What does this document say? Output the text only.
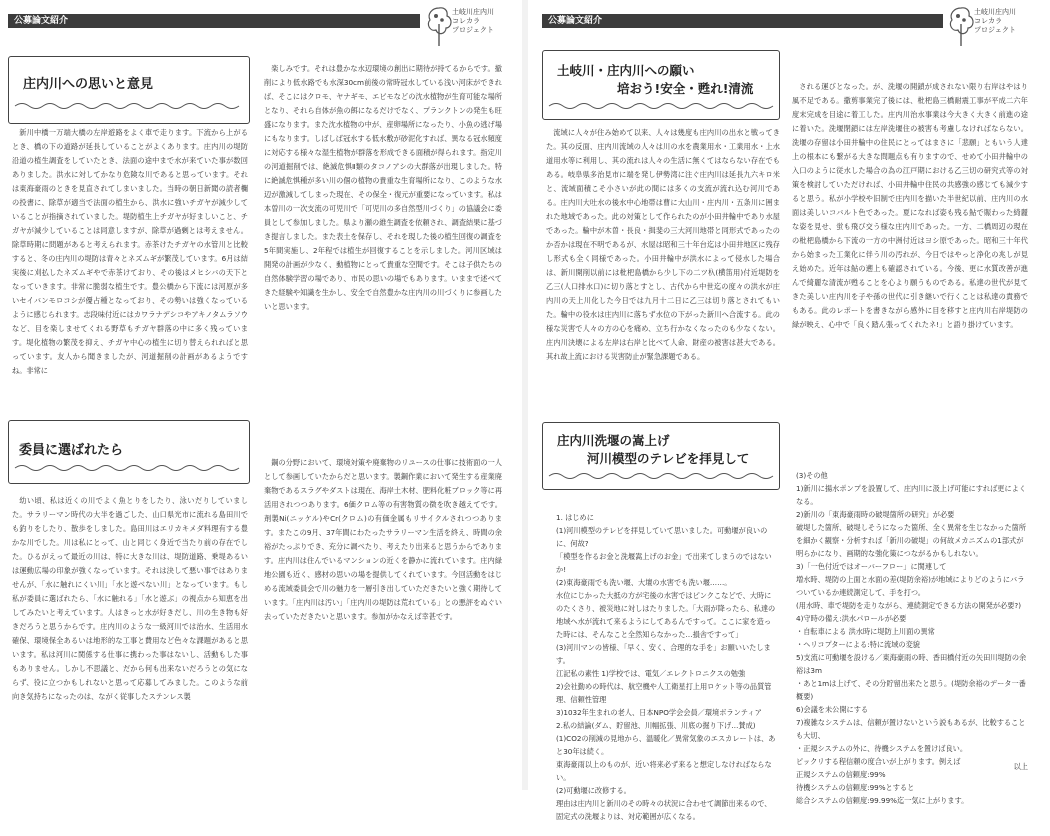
公募論文紹介
土岐川庄内川
コレカラ
プロジェクト
庄内川への思いと意見

新川中橋一万端大橋の左岸遊路をよく車で走ります。下流から上がるとき、橋の下の道路が延長していることがよくあります。庄内川の堤防沿道の植生調査をしていたとき、法面の途中まで水が来ていた事が数回ありました。洪水に対してかなり危険な川であると思っています。それは東海豪雨のときを見直されてしまいました。当時の朝日新聞の読者欄の投書に、除草が適当で法面の植生から、洪水に強いチガヤが減少していることが指摘されていました。堤防植生上チガヤが好ましいこと、チガヤが減少していることは同意しますが、除草が過剰とは考えません。除草時期に問題があると考えられます。赤茶けたチガヤの水管川と比較すると、冬の庄内川の堤防は青々とネズムギが繁茂しています。6月は結実後に刈払したネズムギやで赤茶けており、その後はメヒシバの天下となっていきます。非常に脆弱な植生です。豊公橋から下流には河原が多いセイバンモロコシが優占種となっており、その勢いは強くなっているように感じられます。志段味付近にはカワラナデシコやアキノタムラソウなど、目を楽しませてくれる野草もチガヤ群落の中に多く残っています。堤化植物の繁茂を抑え、チガヤ中心の植生に切り替えられればと思っています。友人から聞きましたが、河道掘削の計画があるようですね。非常に

楽しみです。それは豊かな水辺環境の創出に期待が持てるからです。撤削により低水路でも水深30cm前後の常時冠水している浅い河床ができれば、そこにはクロモ、ヤナギモ、エビモなどの沈水植物が生育可能な場所となり、それら自体が魚の餌になるだけでなく、プランクトンの発生も旺盛になります。また沈水植物の中が、産卵場所になったり、小魚の逃げ場にもなります。しばしば冠水する低水敷が砂泥化すれば、異なる冠水頻度に対応する様々な湿生植物が群落を形成できる面積が得られます。指定川の河道掘削では、絶滅危惧Ⅱ類のタコノアシの大群落が出現しました。特に絶滅危惧種が多い川の個の植物の貴重な生育場所になり、このような水辺が激減してしまった現在、その保全・復元が重要になっています。私は本曽川の一次支流の可児川で「可児川の多自然型川づくり」の協議会に委員として参加しました。県より瀬の維生調査を依頼され、調査結果に基づき提言しました。また表土を保存し、それを現した後の植生回復の調査を5年間実施し、2年程では植生が回復することを示しました。河川区域は開発の計画が少なく、動植物にとって貴重な空間です。そこは子供たちの自然体験学習の場であり、市民の思いの場でもあります。いままで述べてきた経験や知識を生かし、安全で自然豊かな庄内川の川づくりに参画したいと思います。

委員に選ばれたら

幼い頃、私は近くの川でよく魚とりをしたり、泳いだりしていました。サラリーマン時代の大半を過ごした、山口県光市に流れる島田川でも釣りをしたり、散歩をしました。島田川はエリカキメダ料理有する豊かな川でした。川は私にとって、山と同じく身近で当たり前の存在でした。ひるがえって最近の川は、特に大きな川は、堤防道路、乗堤あるいは運動広場の印象が強くなっています。それは決して悪い事ではありませんが、「水に触れにくい川」「水と遊べない川」となっています。もし私が委員に選ばれたら、「水に触れる」「水と遊ぶ」の視点から知恵を出してみたいと考えています。人はきっと水が好きだし、川の生き物も好きだろうと思うからです。庄内川のような一級河川では治水、生活用水確保、環境保全あるいは地形的な工事と費用など色々な課題があると思います。私は河川に関係する仕事に携わった事はないし、活動もした事もありません。しかし不思議と、だから何も出来ないだろうとの気にならず、役に立つかもしれないと思って応募してみました。このような前向き気持ちになったのは、ながく従事したステンレス製

鋼の分野において、環境対策や廃棄物のリユースの仕事に技術面の一人として参画していたからだと思います。製鋼作業において発生する産業廃棄物であるスラグやダストは現在、海岸土木材、肥料化粧ブロック等に再活用されつつあります。6価クロム等の有害物質の徴を吹き越えてです。剤製Ni(ニッケル)やCr(クロム)の有価金属もリサイクルされつつあります。またこの9月、37年間にわたったサラリーマン生活を終え、時間の余裕がたっぷりでき、充分に調べたり、考えたり出来ると思うからであります。庄内川は住んでいるマンションの近くを静かに流れています。庄内緑地公園も近く、感材の思いの場を提供してくれています。今回活動をはじめる流域委員会で川の魅力を一層引き出していただきたいと強く期待しています。「庄内川は汚い」「庄内川の堤防は荒れている」との悪評をぬぐい去っていただきたいと思います。参加がかなえば幸甚です。

公募論文紹介
土岐川庄内川
コレカラ
プロジェクト
土岐川・庄内川への願い
培おう!安全・甦れ!清流

流域に人々が住み始めて以来、人々は幾度も庄内川の出水と戦ってきた。其の反面、庄内川流域の人々は川の水を農業用水・工業用水・上水道用水等に利用し、其の流れは人々の生活に無くてはならない存在でもある。岐阜県多治見市に端を発し伊勢湾に注ぐ庄内川は延長九六キロ米と、流域面積こそ小さいが此の間には多くの支流が流れ込む河川である。庄内川大吐水の後水中心地帯は曹に大山川・庄内川・五条川に囲まれた地域であった。此の対策として作られたのが小田井輪中であり水屋であった。輪中が木曽・長良・揖斐の三大河川地帯と同形式であったのか否かは現在不明であるが、水屋は昭和三十年台迄は小田井地区に残存し形式も全く同様であった。小田井輪中が洪水によって侵水した場合は、新川開削以前には枇杷島橋から少し下の二ツ杁(横笛用)付近堤防を乙三(人口排水口)に切り落とすとし、古代から中世迄の度々の洪水が庄内川の天上川化した今日では九月十二日に乙三は切り落とされてもいた。輪中の役水は庄内川に落ちず水位の下がった新川へ合流する。此の様な災害で人々の方の心を痛め、立ち行かなくなったのも少なくない。庄内川決壊による左岸は右岸と比べて人命、財産の被害は甚大である。其れ故上流における災害防止が緊急課題である。

される運びとなった。が、洗堰の開鎖が成されない限り右岸はやはり風不足である。撒剪事業完了後には、枇杷島三橋耐震工事が平成二六年度末完成を目途に着工した。庄内川治水事業は今大きく大きく前進の途に着いた。洗堰閉鎖には左岸洗堰住の被害も考慮しなければならない。洗堰の存留は小田井輪中の住民にとってはまさに「悲願」ともいう人達上の根本にも繋がる大きな問題点も有りますので、せめて小田井輪中の入口のように従水した場合の為の江戸期における乙三切の研究式等の対策を検討していただければ、小田井輪中住民の共感強の感じても減少すると思う。私が小学校や旧制で庄内川を描いた半世紀以前、庄内川の水面は美しいコバルト色であった。夏になれば姿も残る鮎で賑わった綺麗な姿を見せ、蛍も飛び交う様な庄内川であった。一方、二橋周辺の現在の枇杷島橋から下流の一方の中洲付近はヨシ原であった。昭和三十年代から始まった工業化に伴う川の汚れが、今日ではやっと浄化の兆しが見え始めた。近年は鮎の遡上も確認されている。今後、更に水質改善が進んで綺麗な清流が甦ることを心より願うものである。私達の世代が見てきた美しい庄内川を子や孫の世代に引き継いで行くことは私達の責務でもある。此のレポートを書きながら感外に目を移すと庄内川右岸堤防の緑が映え、心中で「良く踏ん張ってくれたネ!」と語り掛けています。

庄内川洗堰の嵩上げ
河川模型のテレビを拝見して

1. はじめに
(1)河川模型のテレビを拝見していて思いました。可動堰が良いのに、何故?
「模型を作るお金と洗堰嵩上げのお金」で出来てしまうのではないか!
(2)東海豪雨でも洗い堰、大壇の水害でも洗い堰……。
水位にじかった大抵の方が宅後の水害ではピンクこなどで、大時にのたくさり、被災地に対しはたりました。「大雨が降ったら、私達の地域へ水が流れて来るようにしてあるんですって。ここに家を造った時には、そんなこと全然知らなかった…損舎ですって」
(3)河川マンの皆様、「早く、安く、合理的な手を」お願いいたします。
江記私の素性 1)学校では、電気／エレクトロニクスの勉強
2)会社勤めの時代は、航空機や人工衛星打上用ロケット等の品質管理、信頼性管理
3)1032年生まれの老人、日本NPO学会会員／環境ボランティア
2.私の結論(ダム、貯留池、川幅拡張、川底の掘り下げ…賛成)
(1)CO2の削減の見地から、温暖化／異常気象のエスカレートは、あと30年は続く。
東海豪雨以上のものが、近い将来必ず来ると想定しなければならない。
(2)可動堰に改修する。
理由は庄内川と新川のその時々の状況に合わせて調節出来るので、固定式の洗堰よりは、対応範囲が広くなる。

(3)その他
1)新川に揚水ポンプを設置して、庄内川に汲上げ可能にすれば更によくなる。
2)新川の「東海豪雨時の破堤箇所の研究」が必要
破堤した箇所、破堤しそうになった箇所、全く異常を生じなかった箇所 を細かく観察・分析すれば「新川の破堤」の何故メカニズムの1部式が明らかになり、画期的な強化策につながるかもしれない。
3)「一色付近ではオーバーフロー」に関連して
増水時、堤防の上面と水面の差(堤防余裕)が地域によりどのようにバラついているか連続測定して、手を打つ。
(用水時、車で堤防を走りながら、連続測定できる方法の開発が必要?)
4)守時の備え:洪水パロールが必要
・自転車による 洪水時に堤防上川面の異常
・ヘリコプターによる:特に流域の変貌
5)支流に可動堰を設ける／東海豪雨の時、香田橋付近の矢田川堤防の余裕は3m
・あと1mは上げて、その分貯留出来たと思う。(堤防余裕のデータ一番概要)
6)会議を未公開にする
7)複雑なシステムは、信頼が置けないという説もあるが、比較することも大切、
・正規システムの外に、待機システムを置けば良い。
ピックリする程信頼の度合いが上がります。例えば
正規システムの信頼度:99%
待機システムの信頼度:99%とすると
総合システムの信頼度:99.99%迄一気に上がります。

以上
